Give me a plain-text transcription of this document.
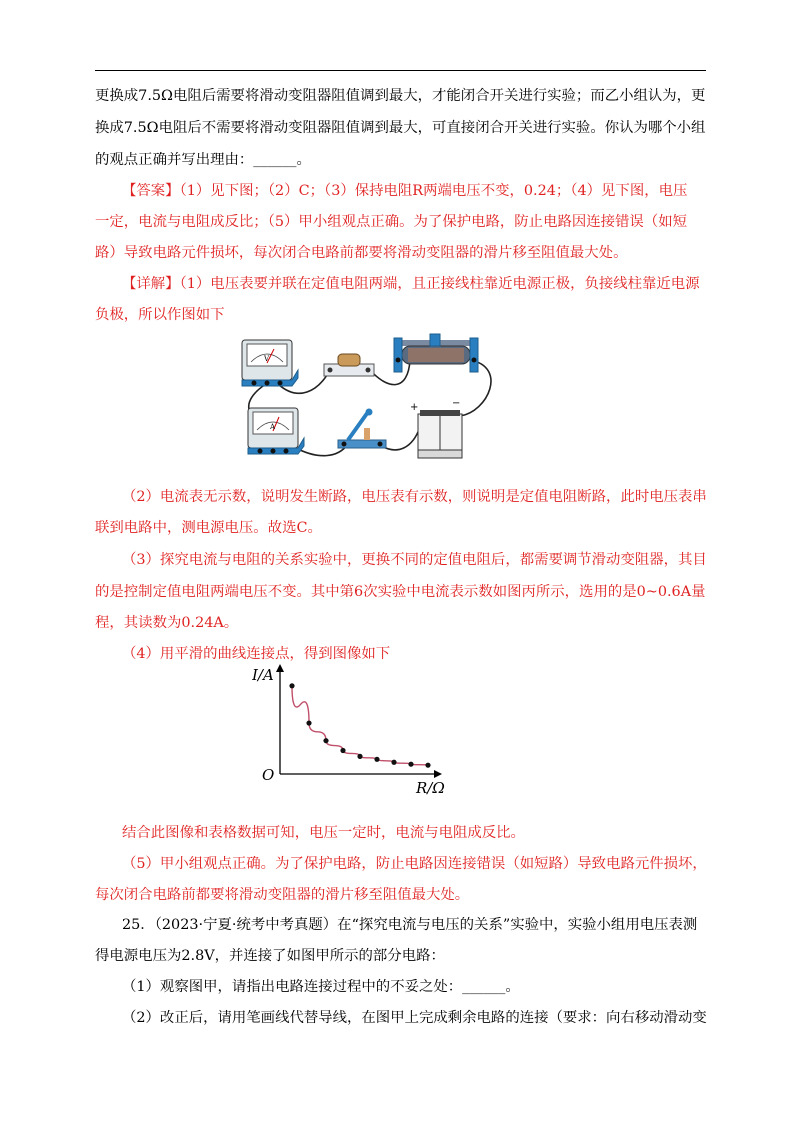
更换成7.5Ω电阻后需要将滑动变阻器阻值调到最大，才能闭合开关进行实验；而乙小组认为，更
换成7.5Ω电阻后不需要将滑动变阻器阻值调到最大，可直接闭合开关进行实验。你认为哪个小组
的观点正确并写出理由：______。
【答案】（1）见下图；（2）C；（3）保持电阻R两端电压不变，0.24；（4）见下图，电压
一定，电流与电阻成反比；（5）甲小组观点正确。为了保护电路，防止电路因连接错误（如短
路）导致电路元件损坏，每次闭合电路前都要将滑动变阻器的滑片移至阻值最大处。
【详解】（1）电压表要并联在定值电阻两端，且正接线柱靠近电源正极，负接线柱靠近电源
负极，所以作图如下
V
A
+	−
（2）电流表无示数，说明发生断路，电压表有示数，则说明是定值电阻断路，此时电压表串
联到电路中，测电源电压。故选C。
（3）探究电流与电阻的关系实验中，更换不同的定值电阻后，都需要调节滑动变阻器，其目
的是控制定值电阻两端电压不变。其中第6次实验中电流表示数如图丙所示，选用的是0~0.6A量
程，其读数为0.24A。
（4）用平滑的曲线连接点，得到图像如下
I/A
O
R/Ω
结合此图像和表格数据可知，电压一定时，电流与电阻成反比。
（5）甲小组观点正确。为了保护电路，防止电路因连接错误（如短路）导致电路元件损坏，
每次闭合电路前都要将滑动变阻器的滑片移至阻值最大处。
25．（2023·宁夏·统考中考真题）在“探究电流与电压的关系”实验中，实验小组用电压表测
得电源电压为2.8V，并连接了如图甲所示的部分电路：
（1）观察图甲，请指出电路连接过程中的不妥之处：______。
（2）改正后，请用笔画线代替导线，在图甲上完成剩余电路的连接（要求：向右移动滑动变
